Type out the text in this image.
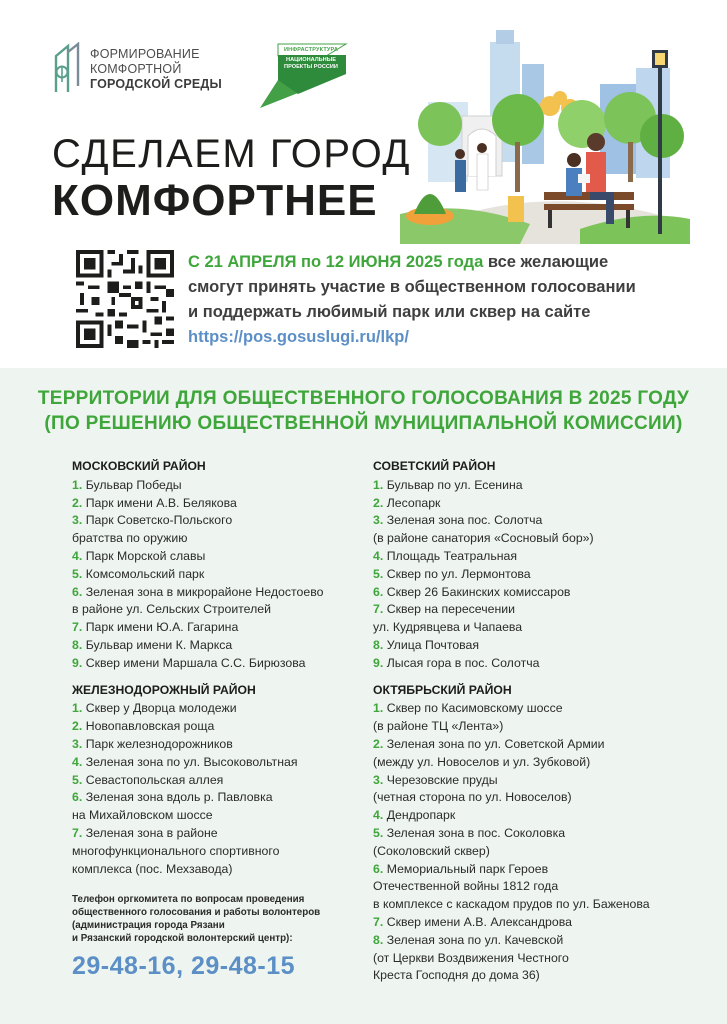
ФОРМИРОВАНИЕ
КОМФОРТНОЙ
ГОРОДСКОЙ СРЕДЫ
ИНФРАСТРУКТУРА
НАЦИОНАЛЬНЫЕ ПРОЕКТЫ РОССИИ
СДЕЛАЕМ ГОРОД
КОМФОРТНЕЕ
С 21 АПРЕЛЯ по 12 ИЮНЯ 2025 года все желающие
смогут принять участие в общественном голосовании
и поддержать любимый парк или сквер на сайте
https://pos.gosuslugi.ru/lkp/
ТЕРРИТОРИИ ДЛЯ ОБЩЕСТВЕННОГО ГОЛОСОВАНИЯ В 2025 ГОДУ
(ПО РЕШЕНИЮ ОБЩЕСТВЕННОЙ МУНИЦИПАЛЬНОЙ КОМИССИИ)
МОСКОВСКИЙ РАЙОН
1. Бульвар Победы
2. Парк имени А.В. Белякова
3. Парк Советско-Польского
братства по оружию
4. Парк Морской славы
5. Комсомольский парк
6. Зеленая зона в микрорайоне Недостоево
в районе ул. Сельских Строителей
7. Парк имени Ю.А. Гагарина
8. Бульвар имени К. Маркса
9. Сквер имени Маршала С.С. Бирюзова
ЖЕЛЕЗНОДОРОЖНЫЙ РАЙОН
1. Сквер у Дворца молодежи
2. Новопавловская роща
3. Парк железнодорожников
4. Зеленая зона по ул. Высоковольтная
5. Севастопольская аллея
6. Зеленая зона вдоль р. Павловка
на Михайловском шоссе
7. Зеленая зона в районе
многофункционального спортивного
комплекса (пос. Мехзавода)
СОВЕТСКИЙ РАЙОН
1. Бульвар по ул. Есенина
2. Лесопарк
3. Зеленая зона пос. Солотча
(в районе санатория «Сосновый бор»)
4. Площадь Театральная
5. Сквер по ул. Лермонтова
6. Сквер 26 Бакинских комиссаров
7. Сквер на пересечении
ул. Кудрявцева и Чапаева
8. Улица Почтовая
9. Лысая гора в пос. Солотча
ОКТЯБРЬСКИЙ РАЙОН
1. Сквер по Касимовскому шоссе
(в районе ТЦ «Лента»)
2. Зеленая зона по ул. Советской Армии
(между ул. Новоселов и ул. Зубковой)
3. Черезовские пруды
(четная сторона по ул. Новоселов)
4. Дендропарк
5. Зеленая зона в пос. Соколовка
(Соколовский сквер)
6. Мемориальный парк Героев
Отечественной войны 1812 года
в комплексе с каскадом прудов по ул. Баженова
7. Сквер имени А.В. Александрова
8. Зеленая зона по ул. Качевской
(от Церкви Воздвижения Честного
Креста Господня до дома 36)
Телефон оргкомитета по вопросам проведения
общественного голосования и работы волонтеров
(администрация города Рязани
и Рязанский городской волонтерский центр):
29-48-16, 29-48-15
